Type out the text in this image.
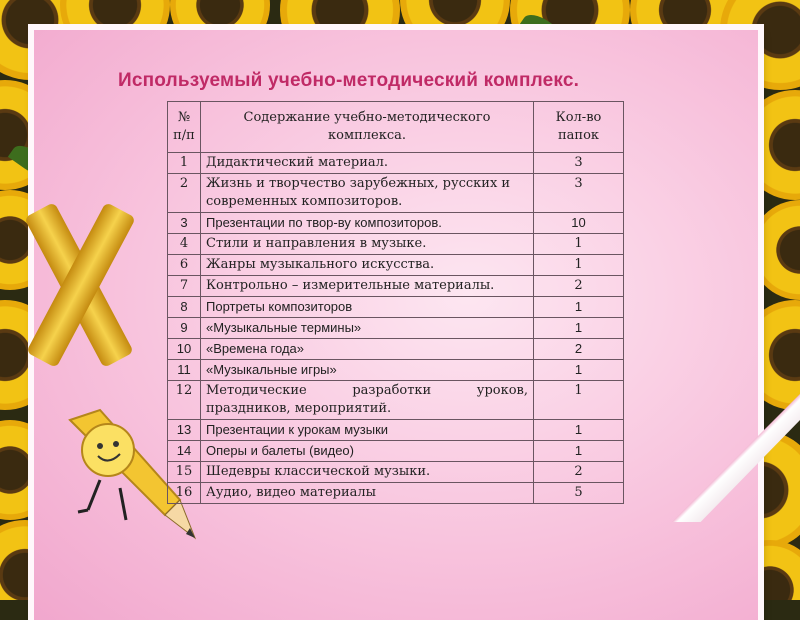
Используемый учебно-методический комплекс.
№ п/п	Содержание учебно-методического комплекса.	Кол-во папок
1	Дидактический материал.	3
2	Жизнь и творчество зарубежных, русских и современных композиторов.	3
3	Презентации по твор-ву композиторов.	10
4	Стили и направления в музыке.	1
6	Жанры музыкального искусства.	1
7	Контрольно – измерительные материалы.	2
8	Портреты композиторов	1
9	«Музыкальные термины»	1
10	«Времена года»	2
11	«Музыкальные игры»	1
12	Методические разработки уроков, праздников, мероприятий.	1
13	Презентации к урокам музыки	1
14	Оперы и балеты (видео)	1
15	Шедевры классической музыки.	2
16	Аудио, видео материалы	5
